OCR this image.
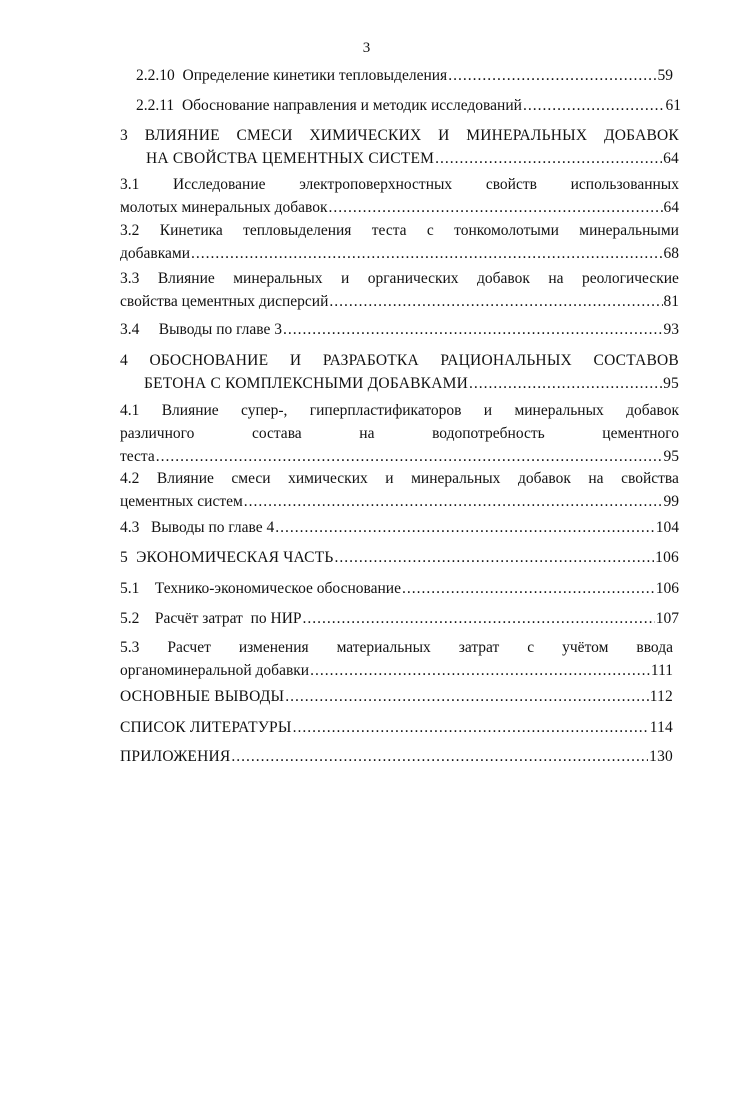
3
2.2.10
Определение кинетики тепловыделения .....	59
2.2.11
Обоснование направления и методик исследований .....	61
3 ВЛИЯНИЕ СМЕСИ ХИМИЧЕСКИХ И МИНЕРАЛЬНЫХ ДОБАВОК
НА СВОЙСТВА ЦЕМЕНТНЫХ СИСТЕМ .....	64
3.1 Исследование электроповерхностных свойств использованных
молотых минеральных добавок .....	64
3.2 Кинетика тепловыделения теста с тонкомолотыми минеральными
добавками .....	68
3.3 Влияние минеральных и органических добавок на реологические
свойства цементных дисперсий .....	81
3.4
Выводы по главе 3 .....	93
4 ОБОСНОВАНИЕ И РАЗРАБОТКА РАЦИОНАЛЬНЫХ СОСТАВОВ
БЕТОНА С КОМПЛЕКСНЫМИ ДОБАВКАМИ .....	95
4.1 Влияние супер-, гиперпластификаторов и минеральных добавок
различного	состава	на	водопотребность	цементного
теста .....	95
4.2 Влияние смеси химических и минеральных добавок на свойства
цементных систем .....	99
4.3
Выводы по главе 4 .....	104
5
ЭКОНОМИЧЕСКАЯ ЧАСТЬ .....	106
5.1
Технико-экономическое обоснование .....	106
5.2
Расчёт затрат  по НИР .....	107
5.3 Расчет изменения материальных затрат с учётом ввода
органоминеральной добавки .....	111
ОСНОВНЫЕ ВЫВОДЫ .....	112
СПИСОК ЛИТЕРАТУРЫ .....	114
ПРИЛОЖЕНИЯ .....	130
